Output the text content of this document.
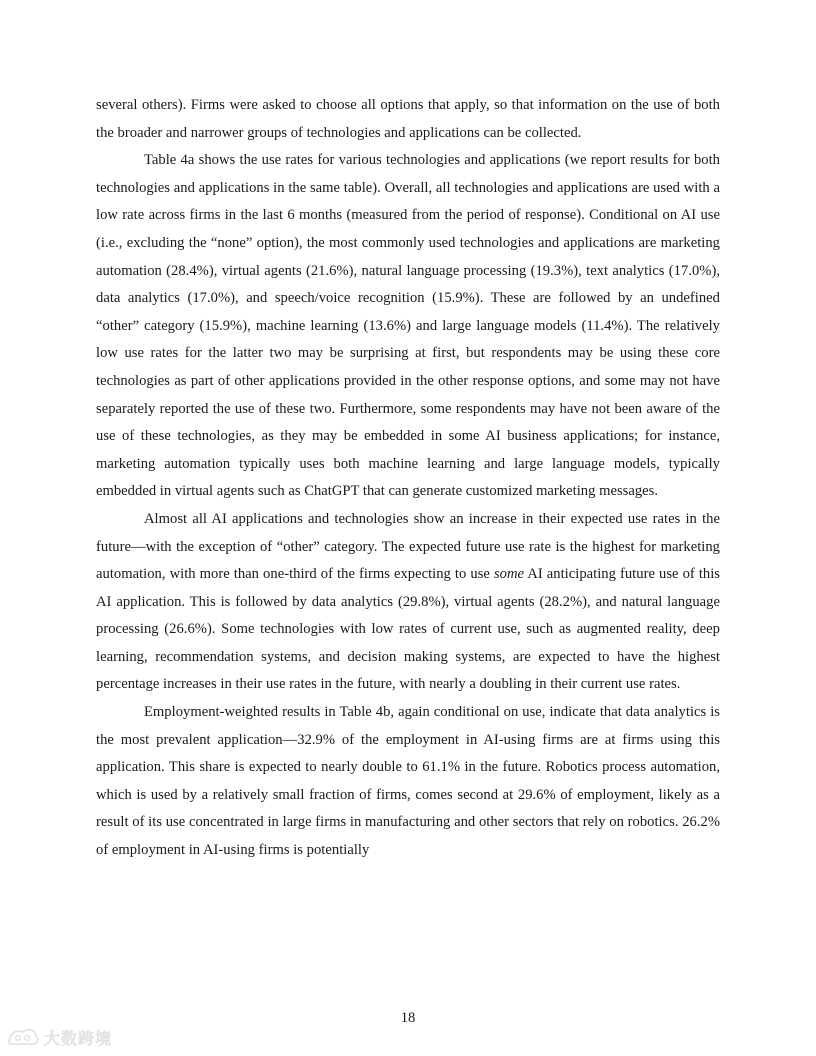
several others). Firms were asked to choose all options that apply, so that information on the use of both the broader and narrower groups of technologies and applications can be collected.

Table 4a shows the use rates for various technologies and applications (we report results for both technologies and applications in the same table). Overall, all technologies and applications are used with a low rate across firms in the last 6 months (measured from the period of response). Conditional on AI use (i.e., excluding the “none” option), the most commonly used technologies and applications are marketing automation (28.4%), virtual agents (21.6%), natural language processing (19.3%), text analytics (17.0%), data analytics (17.0%), and speech/voice recognition (15.9%). These are followed by an undefined “other” category (15.9%), machine learning (13.6%) and large language models (11.4%). The relatively low use rates for the latter two may be surprising at first, but respondents may be using these core technologies as part of other applications provided in the other response options, and some may not have separately reported the use of these two. Furthermore, some respondents may have not been aware of the use of these technologies, as they may be embedded in some AI business applications; for instance, marketing automation typically uses both machine learning and large language models, typically embedded in virtual agents such as ChatGPT that can generate customized marketing messages.

Almost all AI applications and technologies show an increase in their expected use rates in the future—with the exception of “other” category. The expected future use rate is the highest for marketing automation, with more than one-third of the firms expecting to use some AI anticipating future use of this AI application. This is followed by data analytics (29.8%), virtual agents (28.2%), and natural language processing (26.6%). Some technologies with low rates of current use, such as augmented reality, deep learning, recommendation systems, and decision making systems, are expected to have the highest percentage increases in their use rates in the future, with nearly a doubling in their current use rates.

Employment-weighted results in Table 4b, again conditional on use, indicate that data analytics is the most prevalent application—32.9% of the employment in AI-using firms are at firms using this application. This share is expected to nearly double to 61.1% in the future. Robotics process automation, which is used by a relatively small fraction of firms, comes second at 29.6% of employment, likely as a result of its use concentrated in large firms in manufacturing and other sectors that rely on robotics. 26.2% of employment in AI-using firms is potentially

18
大数跨境
